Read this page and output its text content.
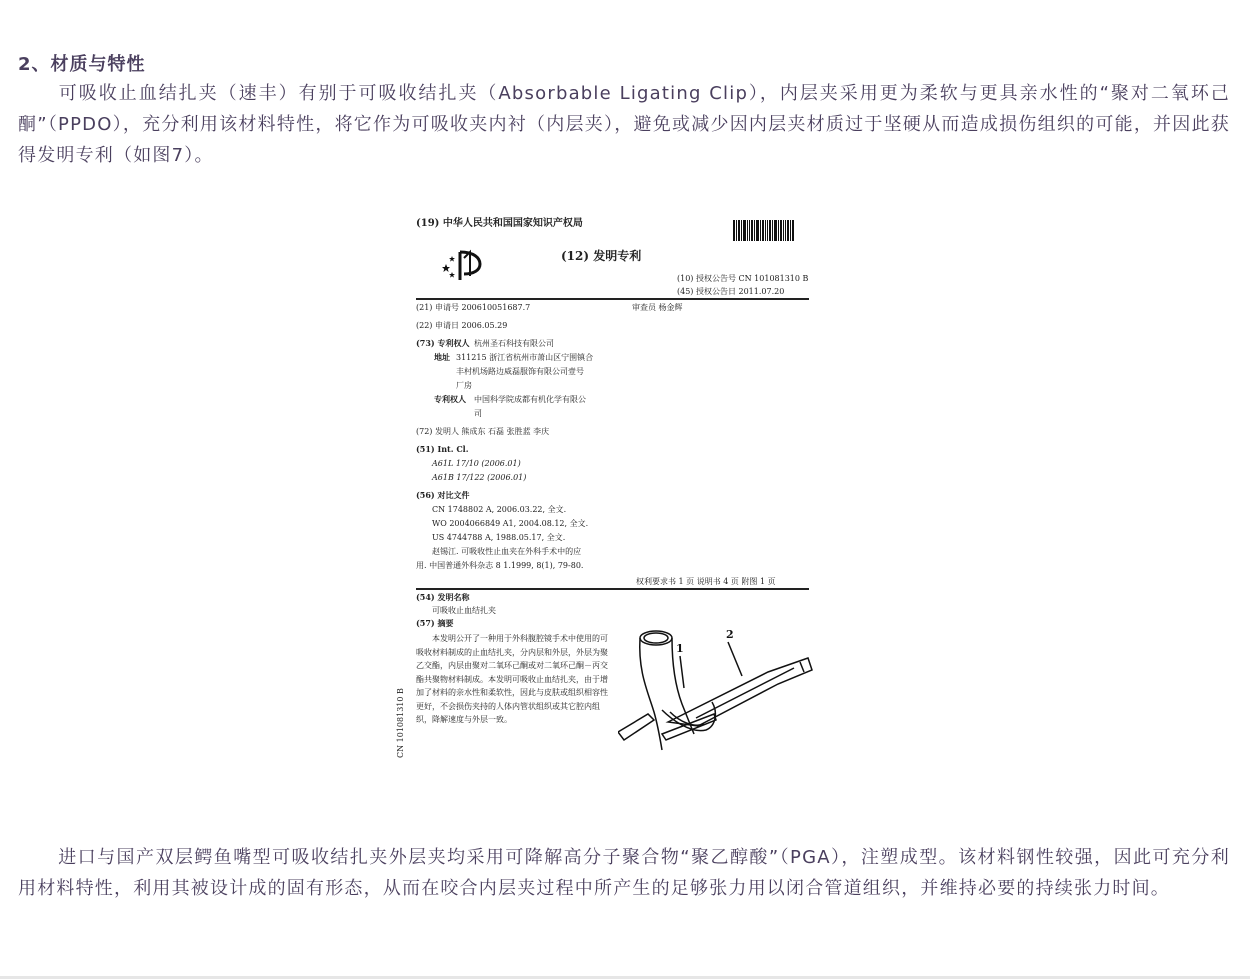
2、材质与特性
可吸收止血结扎夹（速丰）有别于可吸收结扎夹（Absorbable Ligating Clip），内层夹采用更为柔软与更具亲水性的“聚对二氧环己酮”（PPDO），充分利用该材料特性，将它作为可吸收夹内衬（内层夹），避免或减少因内层夹材质过于坚硬从而造成损伤组织的可能，并因此获得发明专利（如图7）。
(19) 中华人民共和国国家知识产权局
(12) 发明专利
(10) 授权公告号 CN 101081310 B
(45) 授权公告日 2011.07.20
(21) 申请号 200610051687.7	审查员 杨金辉
(22) 申请日 2006.05.29
(73) 专利权人 杭州圣石科技有限公司
地址 311215 浙江省杭州市萧山区宁围镇合
丰村机场路边威磊服饰有限公司壹号
厂房
专利权人 中国科学院成都有机化学有限公
司
(72) 发明人 熊成东 石磊 张胜蓝 李庆
(51) Int. Cl.
A61L 17/10 (2006.01)
A61B 17/122 (2006.01)
(56) 对比文件
CN 1748802 A, 2006.03.22, 全文.
WO 2004066849 A1, 2004.08.12, 全文.
US 4744788 A, 1988.05.17, 全文.
赵锡江. 可吸收性止血夹在外科手术中的应
用. 中国普通外科杂志 8 1.1999, 8(1), 79-80.
权利要求书 1 页 说明书 4 页 附图 1 页
(54) 发明名称
可吸收止血结扎夹
(57) 摘要
本发明公开了一种用于外科腹腔镜手术中使用的可吸收材料制成的止血结扎夹，分内层和外层，外层为聚乙交酯，内层由聚对二氧环己酮或对二氧环己酮－丙交酯共聚物材料制成。本发明可吸收止血结扎夹，由于增加了材料的亲水性和柔软性，因此与皮肤或组织相容性更好，不会损伤夹持的人体内管状组织或其它腔内组织，降解速度与外层一致。
1
2
CN 101081310 B
进口与国产双层鳄鱼嘴型可吸收结扎夹外层夹均采用可降解高分子聚合物“聚乙醇酸”（PGA），注塑成型。该材料钢性较强，因此可充分利用材料特性，利用其被设计成的固有形态，从而在咬合内层夹过程中所产生的足够张力用以闭合管道组织，并维持必要的持续张力时间。
